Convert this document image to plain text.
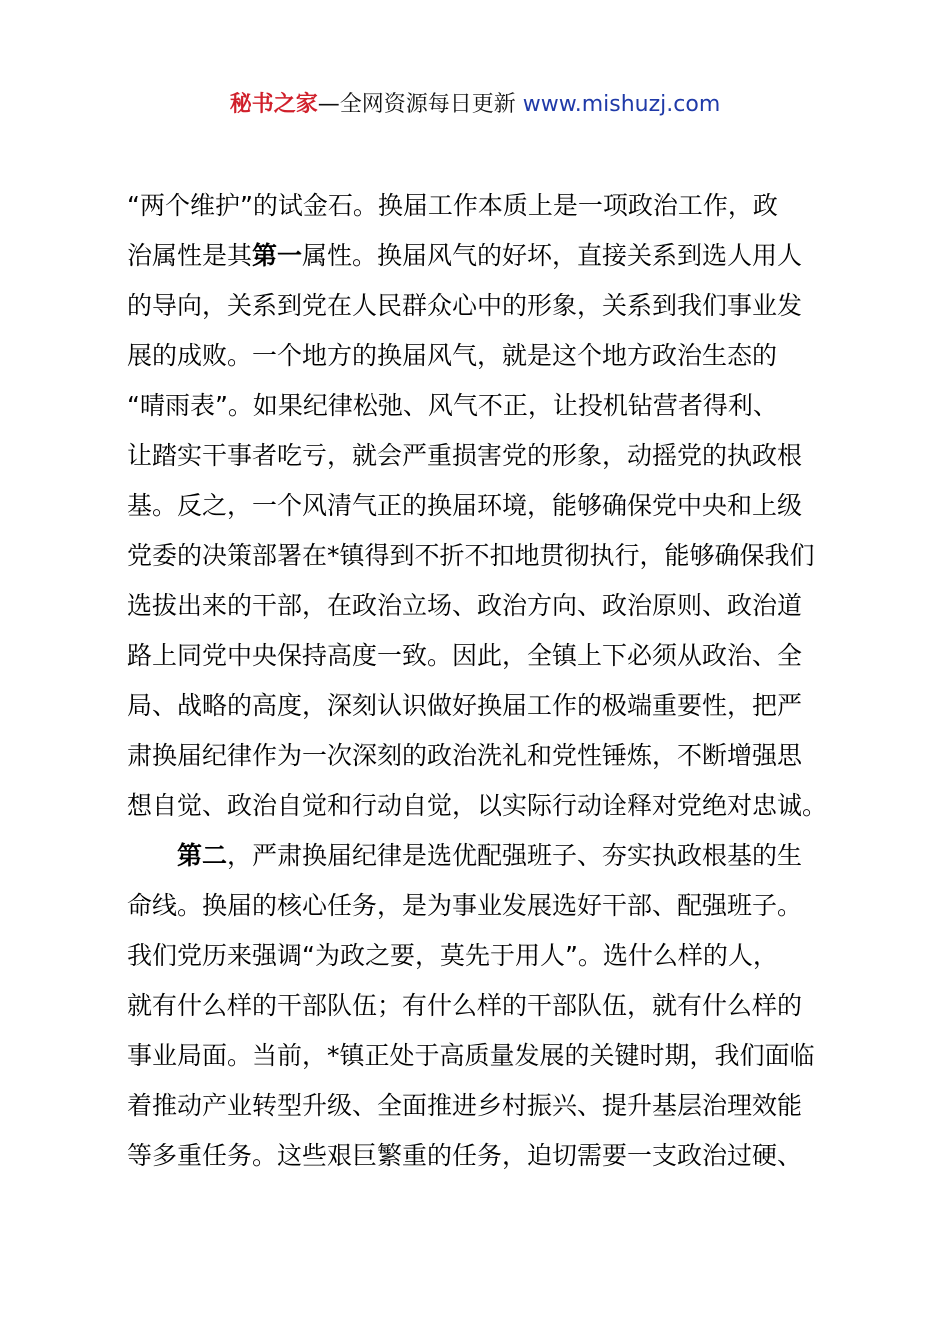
秘书之家—全网资源每日更新 www.mishuzj.com
“两个维护”的试金石。换届工作本质上是一项政治工作，政
治属性是其第一属性。换届风气的好坏，直接关系到选人用人
的导向，关系到党在人民群众心中的形象，关系到我们事业发
展的成败。一个地方的换届风气，就是这个地方政治生态的
“晴雨表”。如果纪律松弛、风气不正，让投机钻营者得利、
让踏实干事者吃亏，就会严重损害党的形象，动摇党的执政根
基。反之，一个风清气正的换届环境，能够确保党中央和上级
党委的决策部署在*镇得到不折不扣地贯彻执行，能够确保我们
选拔出来的干部，在政治立场、政治方向、政治原则、政治道
路上同党中央保持高度一致。因此，全镇上下必须从政治、全
局、战略的高度，深刻认识做好换届工作的极端重要性，把严
肃换届纪律作为一次深刻的政治洗礼和党性锤炼，不断增强思
想自觉、政治自觉和行动自觉，以实际行动诠释对党绝对忠诚。
第二，严肃换届纪律是选优配强班子、夯实执政根基的生
命线。换届的核心任务，是为事业发展选好干部、配强班子。
我们党历来强调“为政之要，莫先于用人”。选什么样的人，
就有什么样的干部队伍；有什么样的干部队伍，就有什么样的
事业局面。当前，*镇正处于高质量发展的关键时期，我们面临
着推动产业转型升级、全面推进乡村振兴、提升基层治理效能
等多重任务。这些艰巨繁重的任务，迫切需要一支政治过硬、
